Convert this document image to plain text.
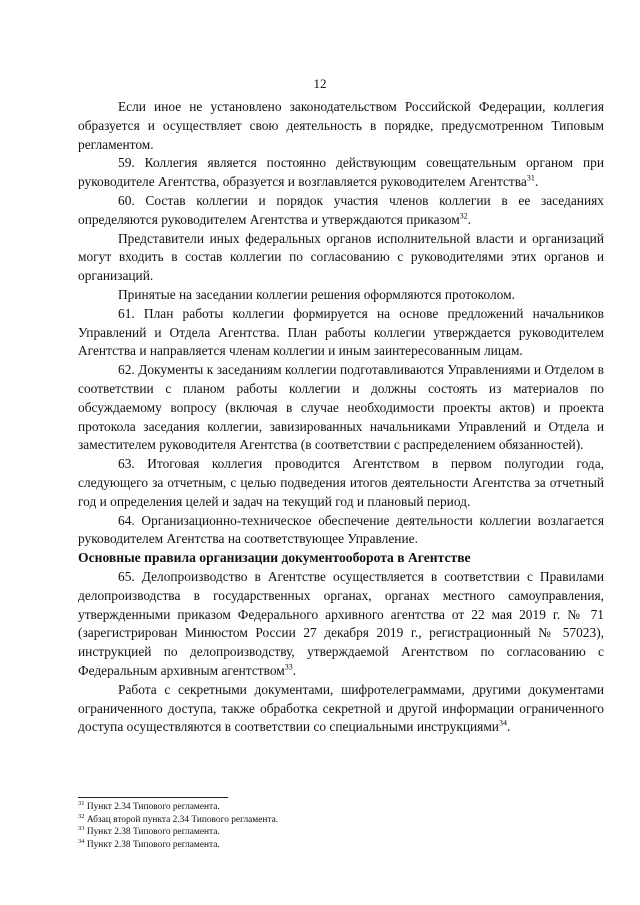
12

Если иное не установлено законодательством Российской Федерации, коллегия образуется и осуществляет свою деятельность в порядке, предусмотренном Типовым регламентом.

59. Коллегия является постоянно действующим совещательным органом при руководителе Агентства, образуется и возглавляется руководителем Агентства$^{31}$.

60. Состав коллегии и порядок участия членов коллегии в ее заседаниях определяются руководителем Агентства и утверждаются приказом$^{32}$.

Представители иных федеральных органов исполнительной власти и организаций могут входить в состав коллегии по согласованию с руководителями этих органов и организаций.

Принятые на заседании коллегии решения оформляются протоколом.

61. План работы коллегии формируется на основе предложений начальников Управлений и Отдела Агентства. План работы коллегии утверждается руководителем Агентства и направляется членам коллегии и иным заинтересованным лицам.

62. Документы к заседаниям коллегии подготавливаются Управлениями и Отделом в соответствии с планом работы коллегии и должны состоять из материалов по обсуждаемому вопросу (включая в случае необходимости проекты актов) и проекта протокола заседания коллегии, завизированных начальниками Управлений и Отдела и заместителем руководителя Агентства (в соответствии с распределением обязанностей).

63. Итоговая коллегия проводится Агентством в первом полугодии года, следующего за отчетным, с целью подведения итогов деятельности Агентства за отчетный год и определения целей и задач на текущий год и плановый период.

64. Организационно-техническое обеспечение деятельности коллегии возлагается руководителем Агентства на соответствующее Управление.

Основные правила организации документооборота в Агентстве

65. Делопроизводство в Агентстве осуществляется в соответствии с Правилами делопроизводства в государственных органах, органах местного самоуправления, утвержденными приказом Федерального архивного агентства от 22 мая 2019 г. № 71 (зарегистрирован Минюстом России 27 декабря 2019 г., регистрационный № 57023), инструкцией по делопроизводству, утверждаемой Агентством по согласованию с Федеральным архивным агентством$^{33}$.

Работа с секретными документами, шифротелеграммами, другими документами ограниченного доступа, также обработка секретной и другой информации ограниченного доступа осуществляются в соответствии со специальными инструкциями$^{34}$.

$^{31}$ Пункт 2.34 Типового регламента.
$^{32}$ Абзац второй пункта 2.34 Типового регламента.
$^{33}$ Пункт 2.38 Типового регламента.
$^{34}$ Пункт 2.38 Типового регламента.
